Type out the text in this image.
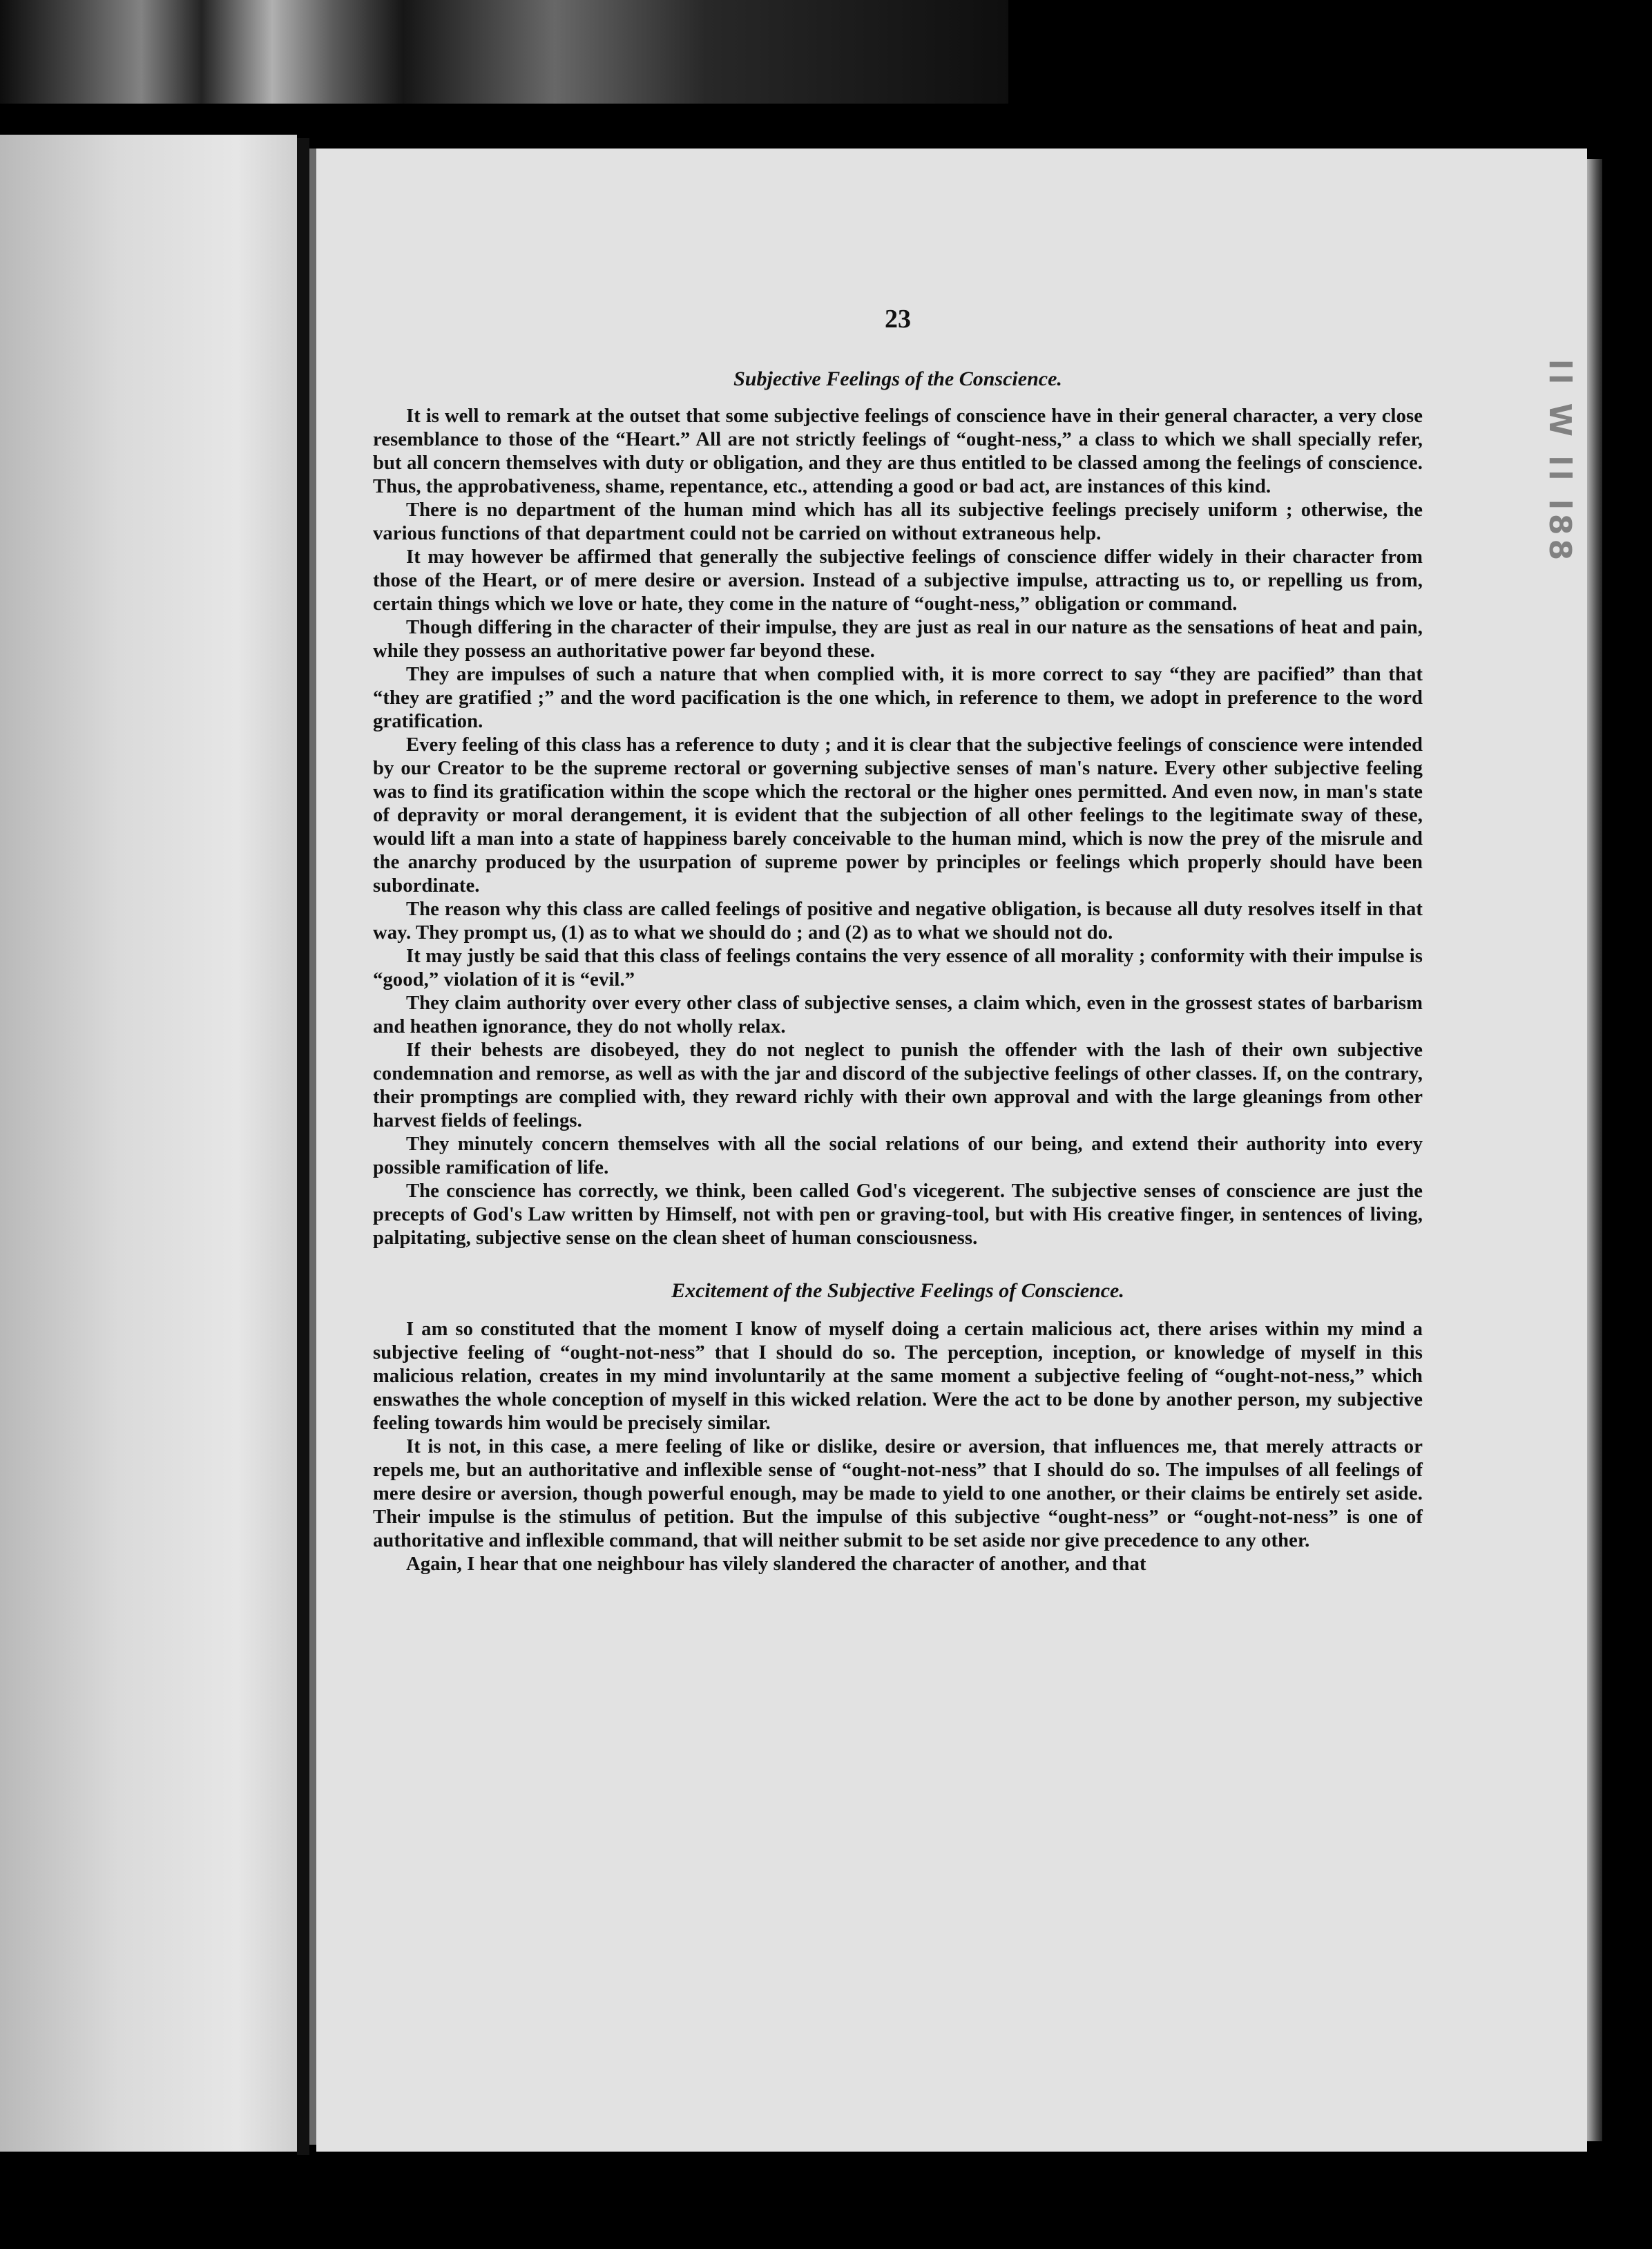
ll W ll l88
23
Subjective Feelings of the Conscience.

It is well to remark at the outset that some subjective feelings of conscience have in their general character, a very close resemblance to those of the “Heart.” All are not strictly feelings of “ought-ness,” a class to which we shall specially refer, but all concern themselves with duty or obligation, and they are thus entitled to be classed among the feelings of conscience. Thus, the approbativeness, shame, repentance, etc., attending a good or bad act, are instances of this kind.

There is no department of the human mind which has all its subjective feelings precisely uniform ; otherwise, the various functions of that department could not be carried on without extraneous help.

It may however be affirmed that generally the subjective feelings of conscience differ widely in their character from those of the Heart, or of mere desire or aversion. Instead of a subjective impulse, attracting us to, or repelling us from, certain things which we love or hate, they come in the nature of “ought-ness,” obligation or command.

Though differing in the character of their impulse, they are just as real in our nature as the sensations of heat and pain, while they possess an authoritative power far beyond these.

They are impulses of such a nature that when complied with, it is more correct to say “they are pacified” than that “they are gratified ;” and the word pacification is the one which, in reference to them, we adopt in preference to the word gratification.

Every feeling of this class has a reference to duty ; and it is clear that the subjective feelings of conscience were intended by our Creator to be the supreme rectoral or governing subjective senses of man's nature. Every other subjective feeling was to find its gratification within the scope which the rectoral or the higher ones permitted. And even now, in man's state of depravity or moral derangement, it is evident that the subjection of all other feelings to the legitimate sway of these, would lift a man into a state of happiness barely conceivable to the human mind, which is now the prey of the misrule and the anarchy produced by the usurpation of supreme power by principles or feelings which properly should have been subordinate.

The reason why this class are called feelings of positive and negative obligation, is because all duty resolves itself in that way. They prompt us, (1) as to what we should do ; and (2) as to what we should not do.

It may justly be said that this class of feelings contains the very essence of all morality ; conformity with their impulse is “good,” violation of it is “evil.”

They claim authority over every other class of subjective senses, a claim which, even in the grossest states of barbarism and heathen ignorance, they do not wholly relax.

If their behests are disobeyed, they do not neglect to punish the offender with the lash of their own subjective condemnation and remorse, as well as with the jar and discord of the subjective feelings of other classes. If, on the contrary, their promptings are complied with, they reward richly with their own approval and with the large gleanings from other harvest fields of feelings.

They minutely concern themselves with all the social relations of our being, and extend their authority into every possible ramification of life.

The conscience has correctly, we think, been called God's vicegerent. The subjective senses of conscience are just the precepts of God's Law written by Himself, not with pen or graving-tool, but with His creative finger, in sentences of living, palpitating, subjective sense on the clean sheet of human consciousness.

Excitement of the Subjective Feelings of Conscience.

I am so constituted that the moment I know of myself doing a certain malicious act, there arises within my mind a subjective feeling of “ought-not-ness” that I should do so. The perception, inception, or knowledge of myself in this malicious relation, creates in my mind involuntarily at the same moment a subjective feeling of “ought-not-ness,” which enswathes the whole conception of myself in this wicked relation. Were the act to be done by another person, my subjective feeling towards him would be precisely similar.

It is not, in this case, a mere feeling of like or dislike, desire or aversion, that influences me, that merely attracts or repels me, but an authoritative and inflexible sense of “ought-not-ness” that I should do so. The impulses of all feelings of mere desire or aversion, though powerful enough, may be made to yield to one another, or their claims be entirely set aside. Their impulse is the stimulus of petition. But the impulse of this subjective “ought-ness” or “ought-not-ness” is one of authoritative and inflexible command, that will neither submit to be set aside nor give precedence to any other.

Again, I hear that one neighbour has vilely slandered the character of another, and that
